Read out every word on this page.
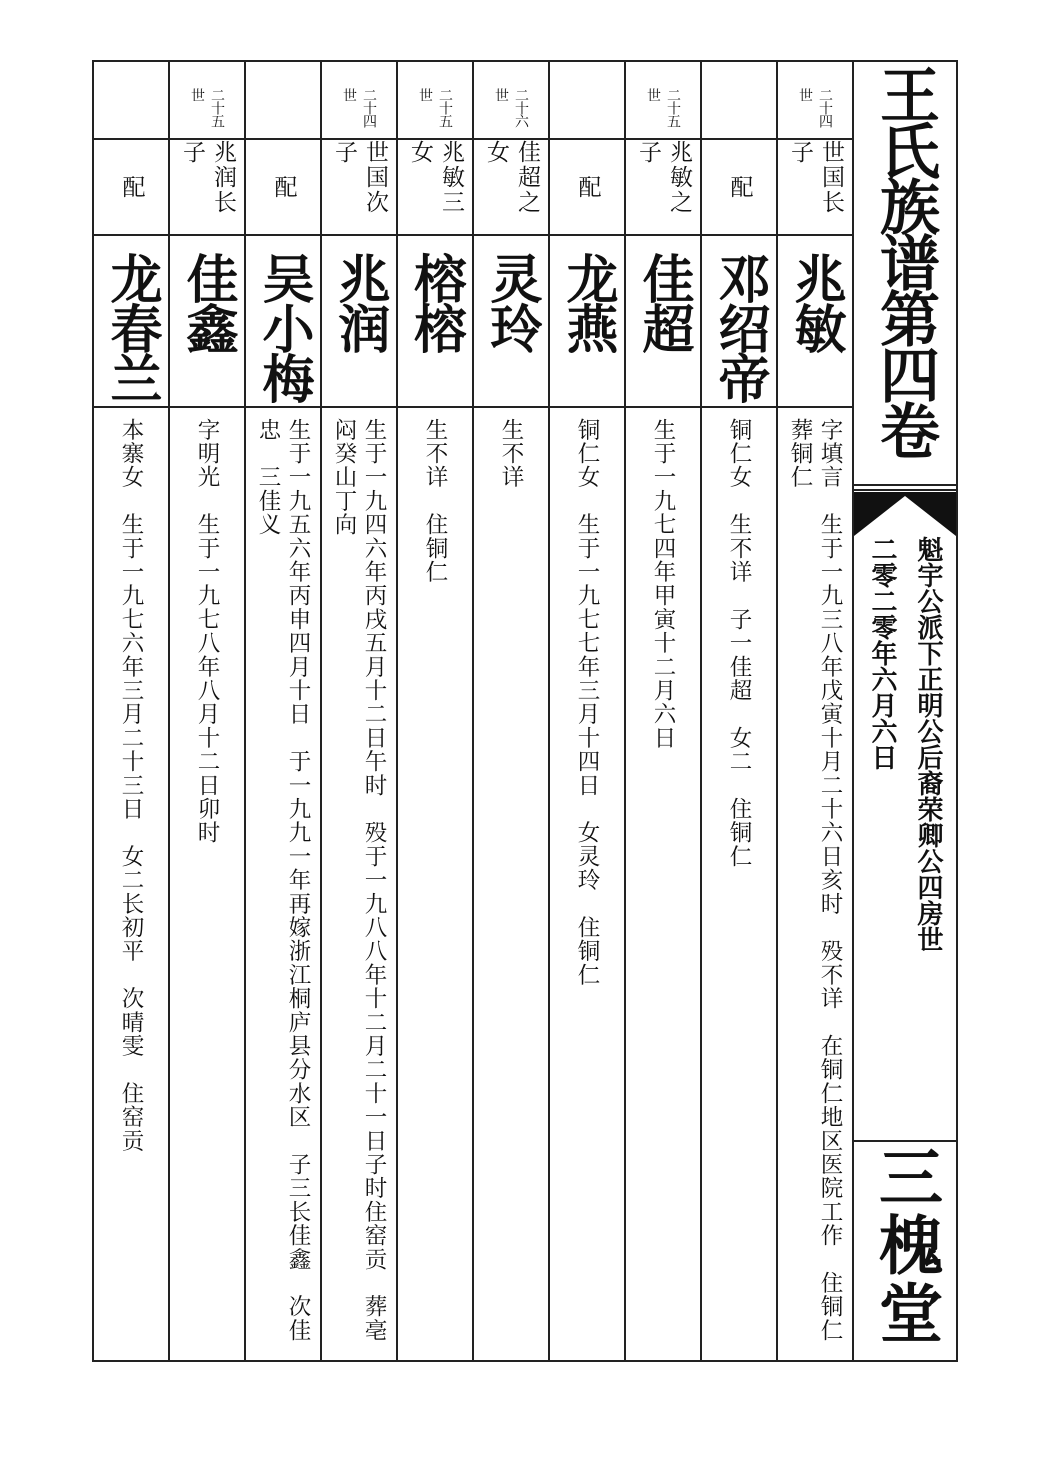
二十四世
世国长子
兆敏
字填言　生于一九三八年戊寅十月二十六日亥时　殁不详　在铜仁地区医院工作　住铜仁　葬铜仁
配
邓绍帝
铜仁女　生不详　子一佳超　女二　住铜仁
二十五世
兆敏之子
佳超
生于一九七四年甲寅十二月六日
配
龙燕
铜仁女　生于一九七七年三月十四日　女灵玲　住铜仁
二十六世
佳超之女
灵玲
生不详
二十五世
兆敏三女
榕榕
生不详　住铜仁
二十四世
世国次子
兆润
生于一九四六年丙戌五月十二日午时　殁于一九八八年十二月二十一日子时住窑贡　葬亳闷癸山丁向
配
吴小梅
生于一九五六年丙申四月十日　于一九九一年再嫁浙江桐庐县分水区　子三长佳鑫　次佳忠　三佳义
二十五世
兆润长子
佳鑫
字明光　生于一九七八年八月十二日卯时
配
龙春兰
本寨女　生于一九七六年三月二十三日　女二长初平　次晴雯　住窑贡
王氏族谱第四卷
魁宇公派下正明公后裔荣卿公四房世
二零二零年六月六日
三槐堂
